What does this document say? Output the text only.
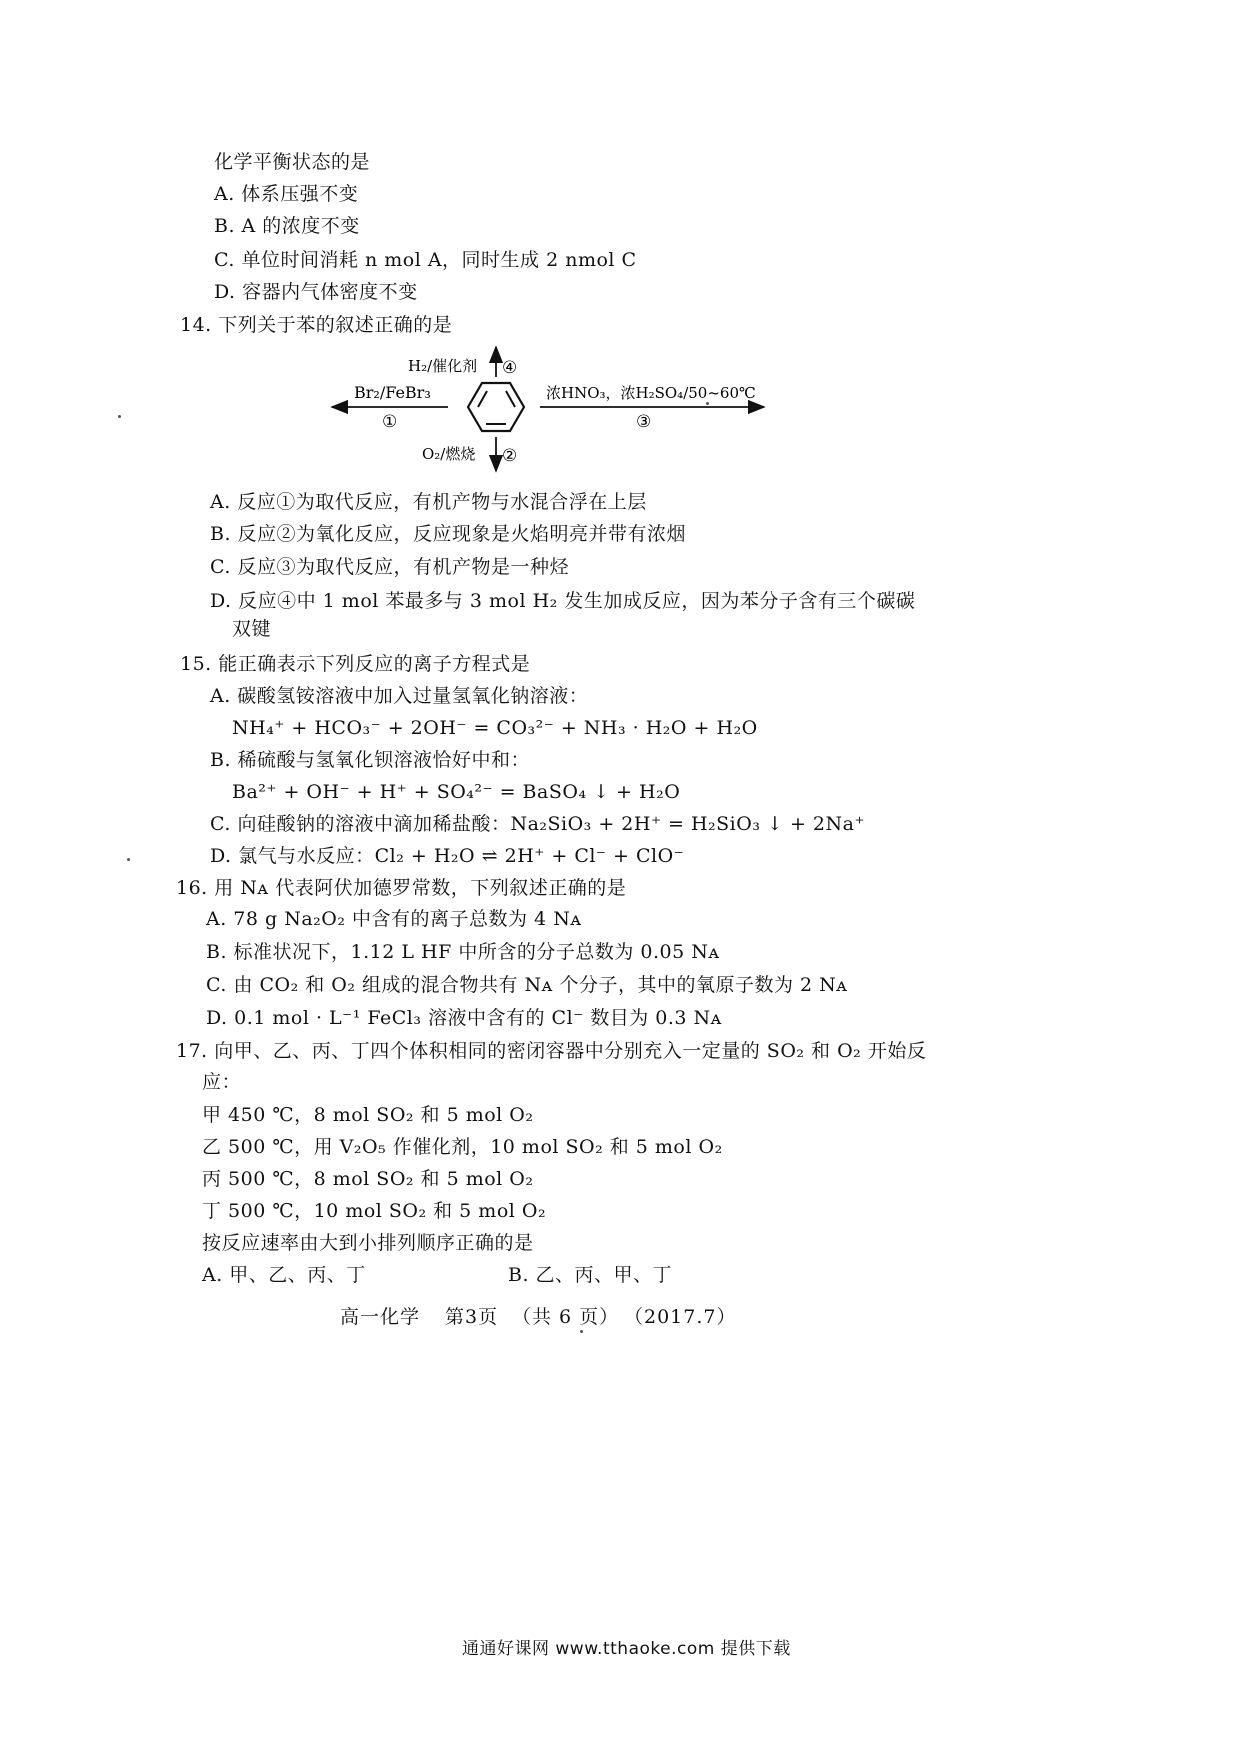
化学平衡状态的是
A. 体系压强不变
B. A 的浓度不变
C. 单位时间消耗 n mol A，同时生成 2 nmol C
D. 容器内气体密度不变
14. 下列关于苯的叙述正确的是
H₂/催化剂 ④
O₂/燃烧 ②
Br₂/FeBr₃
①
浓HNO₃，浓H₂SO₄/50~60℃
③
A. 反应①为取代反应，有机产物与水混合浮在上层
B. 反应②为氧化反应，反应现象是火焰明亮并带有浓烟
C. 反应③为取代反应，有机产物是一种烃
D. 反应④中 1 mol 苯最多与 3 mol H₂ 发生加成反应，因为苯分子含有三个碳碳
双键
15. 能正确表示下列反应的离子方程式是
A. 碳酸氢铵溶液中加入过量氢氧化钠溶液：
NH₄⁺ + HCO₃⁻ + 2OH⁻ = CO₃²⁻ + NH₃ · H₂O + H₂O
B. 稀硫酸与氢氧化钡溶液恰好中和：
Ba²⁺ + OH⁻ + H⁺ + SO₄²⁻ = BaSO₄ ↓ + H₂O
C. 向硅酸钠的溶液中滴加稀盐酸：Na₂SiO₃ + 2H⁺ = H₂SiO₃ ↓ + 2Na⁺
D. 氯气与水反应：Cl₂ + H₂O ⇌ 2H⁺ + Cl⁻ + ClO⁻
16. 用 Nᴀ 代表阿伏加德罗常数，下列叙述正确的是
A. 78 g Na₂O₂ 中含有的离子总数为 4 Nᴀ
B. 标准状况下，1.12 L HF 中所含的分子总数为 0.05 Nᴀ
C. 由 CO₂ 和 O₂ 组成的混合物共有 Nᴀ 个分子，其中的氧原子数为 2 Nᴀ
D. 0.1 mol · L⁻¹ FeCl₃ 溶液中含有的 Cl⁻ 数目为 0.3 Nᴀ
17. 向甲、乙、丙、丁四个体积相同的密闭容器中分别充入一定量的 SO₂ 和 O₂ 开始反
应：
甲 450 ℃，8 mol SO₂ 和 5 mol O₂
乙 500 ℃，用 V₂O₅ 作催化剂，10 mol SO₂ 和 5 mol O₂
丙 500 ℃，8 mol SO₂ 和 5 mol O₂
丁 500 ℃，10 mol SO₂ 和 5 mol O₂
按反应速率由大到小排列顺序正确的是
A. 甲、乙、丙、丁	B. 乙、丙、甲、丁
高一化学 第3页 （共 6 页） （2017.7）
通通好课网 www.tthaoke.com 提供下载
